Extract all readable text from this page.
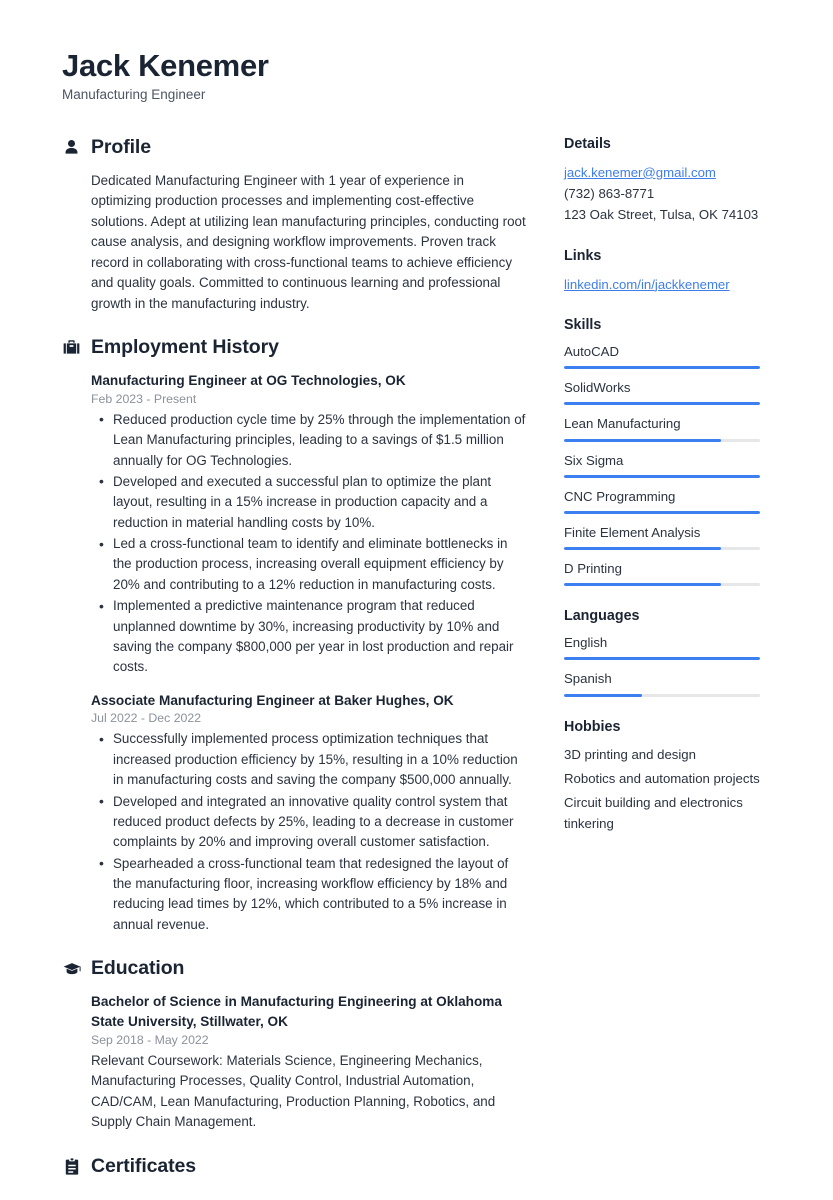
Jack Kenemer
Manufacturing Engineer
Profile

Dedicated Manufacturing Engineer with 1 year of experience in optimizing production processes and implementing cost-effective solutions. Adept at utilizing lean manufacturing principles, conducting root cause analysis, and designing workflow improvements. Proven track record in collaborating with cross-functional teams to achieve efficiency and quality goals. Committed to continuous learning and professional growth in the manufacturing industry.

Employment History
Manufacturing Engineer at OG Technologies, OK
Feb 2023 - Present
• Reduced production cycle time by 25% through the implementation of Lean Manufacturing principles, leading to a savings of $1.5 million annually for OG Technologies.
• Developed and executed a successful plan to optimize the plant layout, resulting in a 15% increase in production capacity and a reduction in material handling costs by 10%.
• Led a cross-functional team to identify and eliminate bottlenecks in the production process, increasing overall equipment efficiency by 20% and contributing to a 12% reduction in manufacturing costs.
• Implemented a predictive maintenance program that reduced unplanned downtime by 30%, increasing productivity by 10% and saving the company $800,000 per year in lost production and repair costs.
Associate Manufacturing Engineer at Baker Hughes, OK
Jul 2022 - Dec 2022
• Successfully implemented process optimization techniques that increased production efficiency by 15%, resulting in a 10% reduction in manufacturing costs and saving the company $500,000 annually.
• Developed and integrated an innovative quality control system that reduced product defects by 25%, leading to a decrease in customer complaints by 20% and improving overall customer satisfaction.
• Spearheaded a cross-functional team that redesigned the layout of the manufacturing floor, increasing workflow efficiency by 18% and reducing lead times by 12%, which contributed to a 5% increase in annual revenue.
Education
Bachelor of Science in Manufacturing Engineering at Oklahoma State University, Stillwater, OK
Sep 2018 - May 2022
Relevant Coursework: Materials Science, Engineering Mechanics, Manufacturing Processes, Quality Control, Industrial Automation, CAD/CAM, Lean Manufacturing, Production Planning, Robotics, and Supply Chain Management.
Certificates
Details
jack.kenemer@gmail.com
(732) 863-8771
123 Oak Street, Tulsa, OK 74103
Links
linkedin.com/in/jackkenemer
Skills
AutoCAD
SolidWorks
Lean Manufacturing
Six Sigma
CNC Programming
Finite Element Analysis
D Printing
Languages
English
Spanish
Hobbies
3D printing and design
Robotics and automation projects
Circuit building and electronics tinkering
